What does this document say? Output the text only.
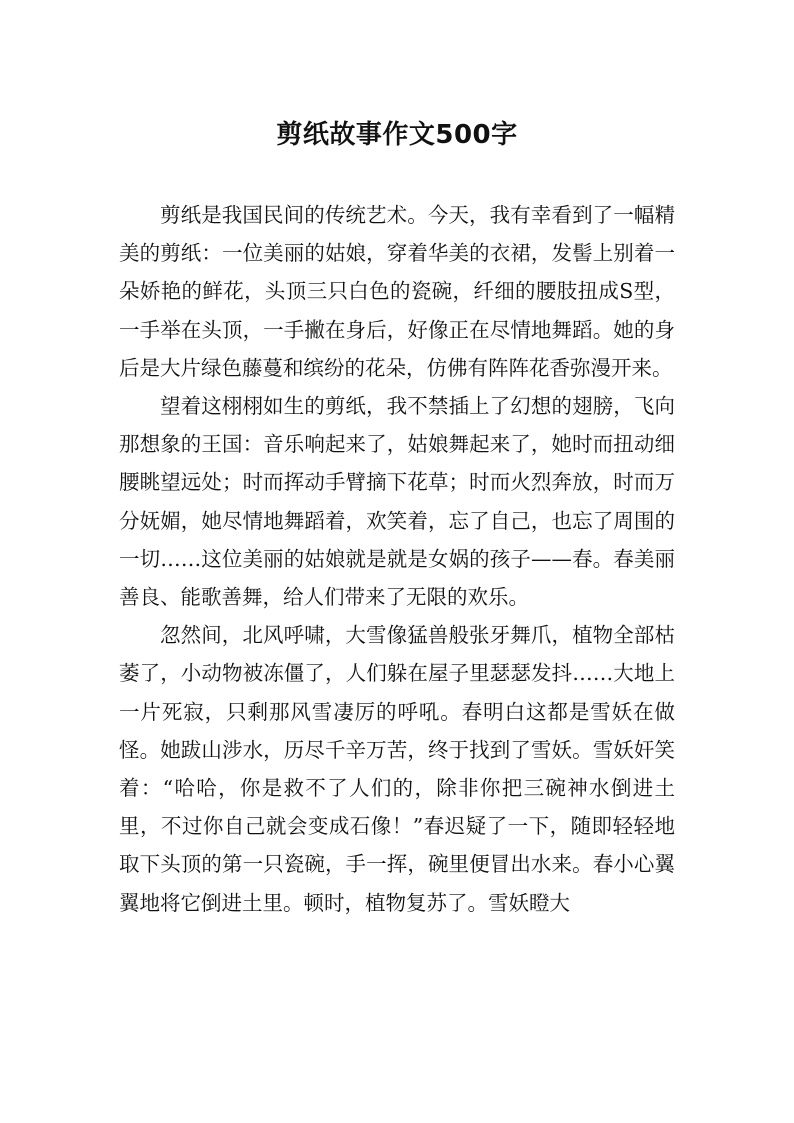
剪纸故事作文500字

剪纸是我国民间的传统艺术。今天，我有幸看到了一幅精美的剪纸：一位美丽的姑娘，穿着华美的衣裙，发髻上别着一朵娇艳的鲜花，头顶三只白色的瓷碗，纤细的腰肢扭成S型，一手举在头顶，一手撇在身后，好像正在尽情地舞蹈。她的身后是大片绿色藤蔓和缤纷的花朵，仿佛有阵阵花香弥漫开来。

望着这栩栩如生的剪纸，我不禁插上了幻想的翅膀，飞向那想象的王国：音乐响起来了，姑娘舞起来了，她时而扭动细腰眺望远处；时而挥动手臂摘下花草；时而火烈奔放，时而万分妩媚，她尽情地舞蹈着，欢笑着，忘了自己，也忘了周围的一切……这位美丽的姑娘就是就是女娲的孩子——春。春美丽善良、能歌善舞，给人们带来了无限的欢乐。

忽然间，北风呼啸，大雪像猛兽般张牙舞爪，植物全部枯萎了，小动物被冻僵了，人们躲在屋子里瑟瑟发抖……大地上一片死寂，只剩那风雪凄厉的呼吼。春明白这都是雪妖在做怪。她跋山涉水，历尽千辛万苦，终于找到了雪妖。雪妖奸笑着：“哈哈，你是救不了人们的，除非你把三碗神水倒进土里，不过你自己就会变成石像！”春迟疑了一下，随即轻轻地取下头顶的第一只瓷碗，手一挥，碗里便冒出水来。春小心翼翼地将它倒进土里。顿时，植物复苏了。雪妖瞪大
